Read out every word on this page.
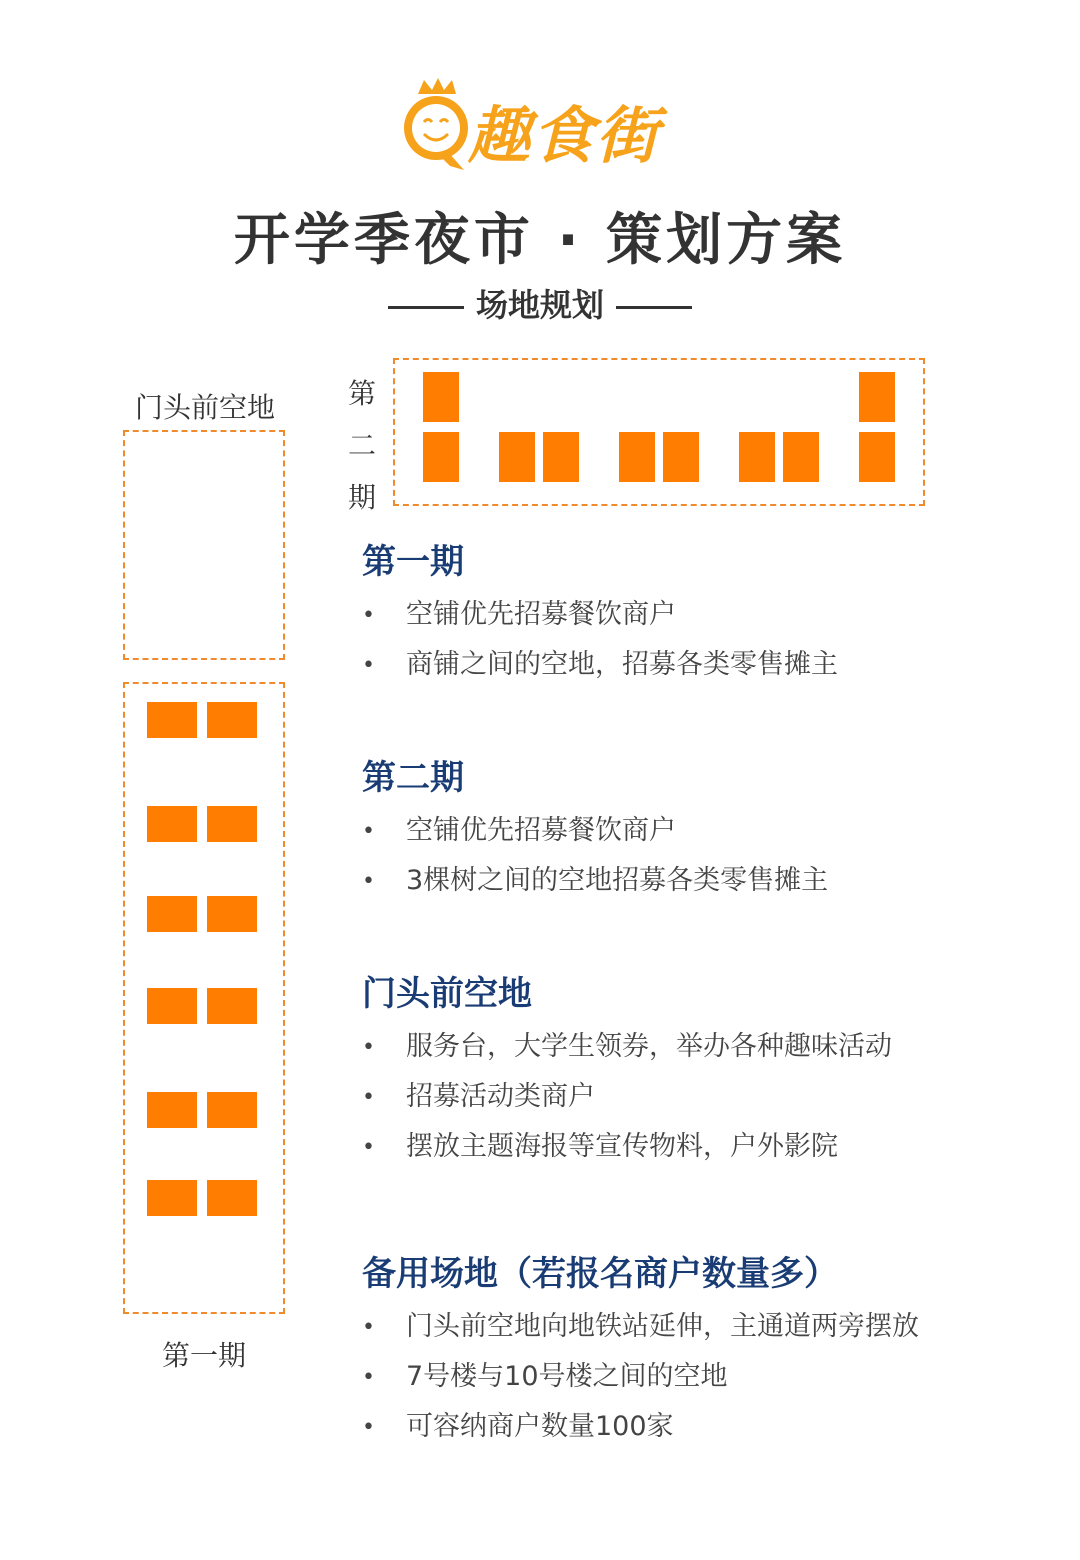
趣食街
开学季夜市 · 策划方案
场地规划
第
二
期
门头前空地
第一期
第一期
• 空铺优先招募餐饮商户
• 商铺之间的空地，招募各类零售摊主
第二期
• 空铺优先招募餐饮商户
• 3棵树之间的空地招募各类零售摊主
门头前空地
• 服务台，大学生领券，举办各种趣味活动
• 招募活动类商户
• 摆放主题海报等宣传物料，户外影院
备用场地（若报名商户数量多）
• 门头前空地向地铁站延伸，主通道两旁摆放
• 7号楼与10号楼之间的空地
• 可容纳商户数量100家
